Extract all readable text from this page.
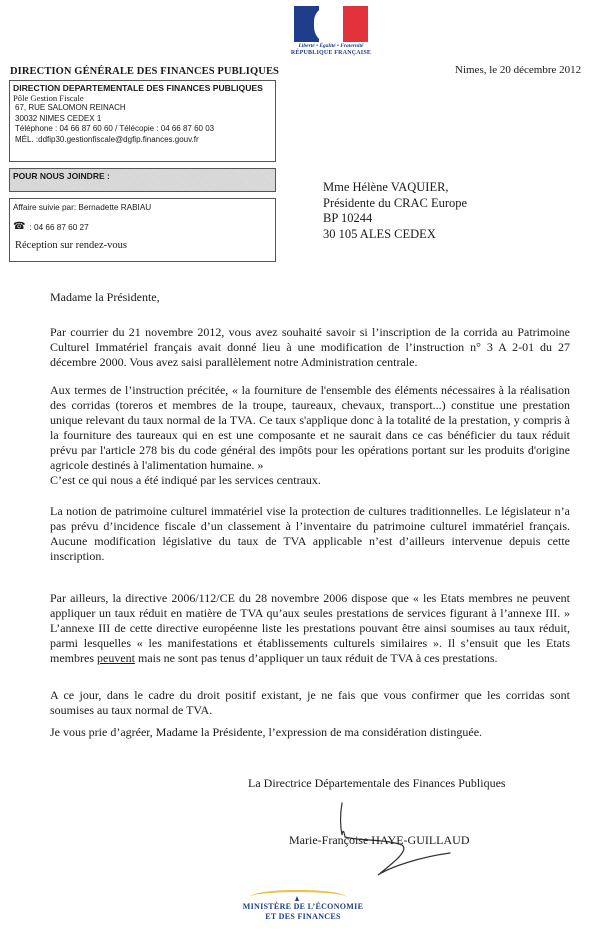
Liberté • Égalité • Fraternité
RÉPUBLIQUE FRANÇAISE
DIRECTION GÉNÉRALE DES FINANCES PUBLIQUES	Nimes, le 20 décembre 2012
DIRECTION DEPARTEMENTALE DES FINANCES PUBLIQUES
Pôle Gestion Fiscale
67, RUE SALOMON REINACH
30032 NIMES CEDEX 1
Téléphone : 04 66 87 60 60 / Télécopie : 04 66 87 60 03
MÉL. :ddfip30.gestionfiscale@dgfip.finances.gouv.fr
POUR NOUS JOINDRE :
Affaire suivie par: Bernadette RABIAU
☎ : 04 66 87 60 27
Réception sur rendez-vous
Mme Hélène VAQUIER,
Présidente du CRAC Europe
BP 10244
30 105 ALES CEDEX
Madame la Présidente,
Par courrier du 21 novembre 2012, vous avez souhaité savoir si l’inscription de la corrida au Patrimoine Culturel Immatériel français avait donné lieu à une modification de l’instruction n° 3 A 2-01 du 27 décembre 2000. Vous avez saisi parallèlement notre Administration centrale.
Aux termes de l’instruction précitée, « la fourniture de l'ensemble des éléments nécessaires à la réalisation des corridas (toreros et membres de la troupe, taureaux, chevaux, transport...) constitue une prestation unique relevant du taux normal de la TVA. Ce taux s'applique donc à la totalité de la prestation, y compris à la fourniture des taureaux qui en est une composante et ne saurait dans ce cas bénéficier du taux réduit prévu par l'article 278 bis du code général des impôts pour les opérations portant sur les produits d'origine agricole destinés à l'alimentation humaine. »
C’est ce qui nous a été indiqué par les services centraux.
La notion de patrimoine culturel immatériel vise la protection de cultures traditionnelles. Le législateur n’a pas prévu d’incidence fiscale d’un classement à l’inventaire du patrimoine culturel immatériel français. Aucune modification législative du taux de TVA applicable n’est d’ailleurs intervenue depuis cette inscription.
Par ailleurs, la directive 2006/112/CE du 28 novembre 2006 dispose que « les Etats membres ne peuvent appliquer un taux réduit en matière de TVA qu’aux seules prestations de services figurant à l’annexe III. » L’annexe III de cette directive européenne liste les prestations pouvant être ainsi soumises au taux réduit, parmi lesquelles « les manifestations et établissements culturels similaires ». Il s’ensuit que les Etats membres peuvent mais ne sont pas tenus d’appliquer un taux réduit de TVA à ces prestations.
A ce jour, dans le cadre du droit positif existant, je ne fais que vous confirmer que les corridas sont soumises au taux normal de TVA.
Je vous prie d’agréer, Madame la Présidente, l’expression de ma considération distinguée.
La Directrice Départementale des Finances Publiques
Marie-Françoise HAYE-GUILLAUD
MINISTÈRE DE L’ÉCONOMIE
ET DES FINANCES
